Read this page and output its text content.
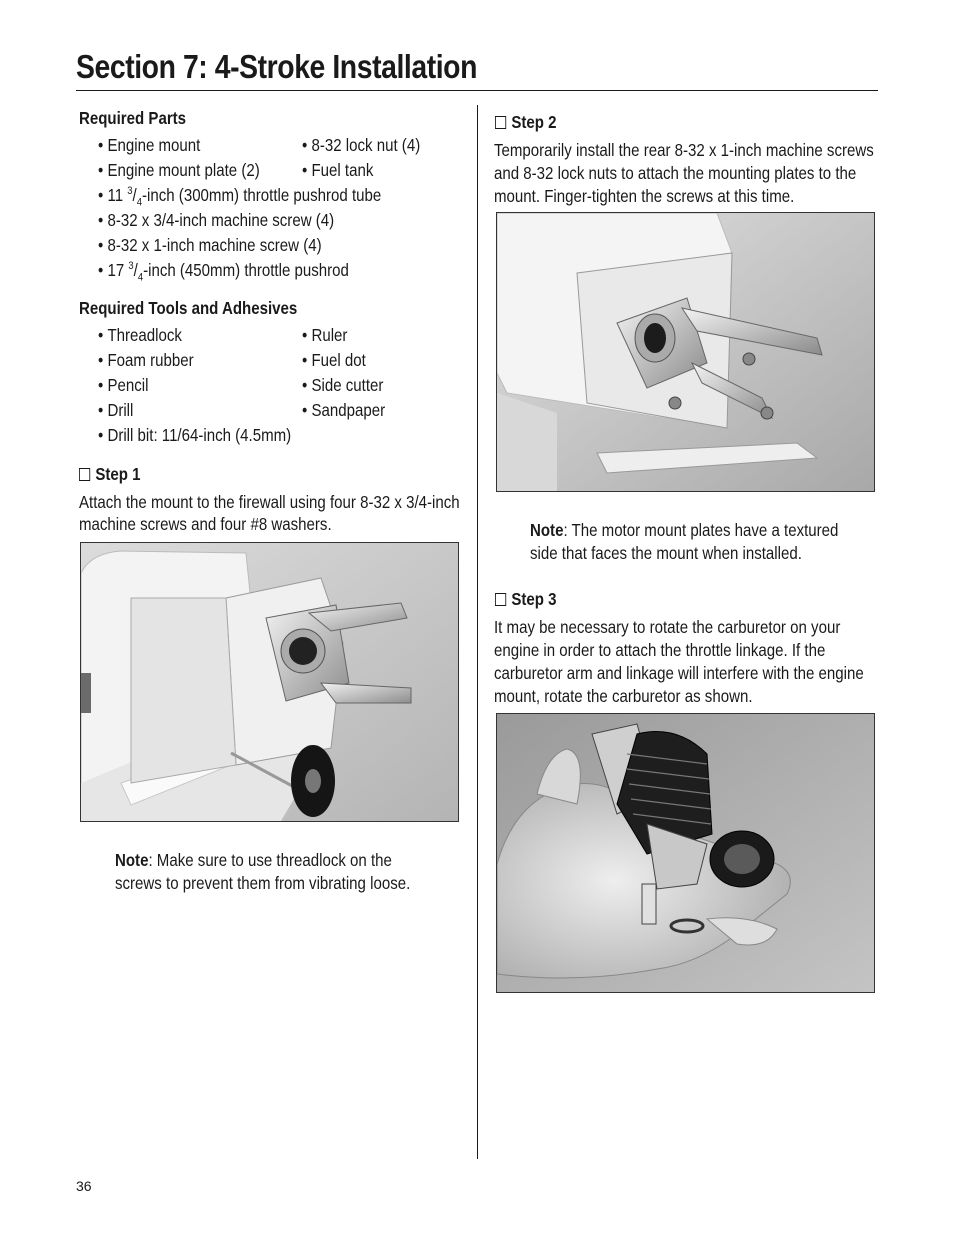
Section 7: 4-Stroke Installation
Required Parts
• Engine mount	• 8-32 lock nut (4)
• Engine mount plate (2)	• Fuel tank
• 11 $^3/_4$-inch (300mm) throttle pushrod tube
• 8-32 x 3/4-inch machine screw (4)
• 8-32 x 1-inch machine screw (4)
• 17 $^3/_4$-inch (450mm) throttle pushrod
Required Tools and Adhesives
• Threadlock	• Ruler
• Foam rubber	• Fuel dot
• Pencil	• Side cutter
• Drill	• Sandpaper
• Drill bit: 11/64-inch (4.5mm)
Step 1
Attach the mount to the firewall using four 8-32 x 3/4-inch
machine screws and four #8 washers.
Note: Make sure to use threadlock on the
screws to prevent them from vibrating loose.
Step 2
Temporarily install the rear 8-32 x 1-inch machine screws
and 8-32 lock nuts to attach the mounting plates to the
mount. Finger-tighten the screws at this time.
Note: The motor mount plates have a textured
side that faces the mount when installed.
Step 3
It may be necessary to rotate the carburetor on your
engine in order to attach the throttle linkage. If the
carburetor arm and linkage will interfere with the engine
mount, rotate the carburetor as shown.
36
